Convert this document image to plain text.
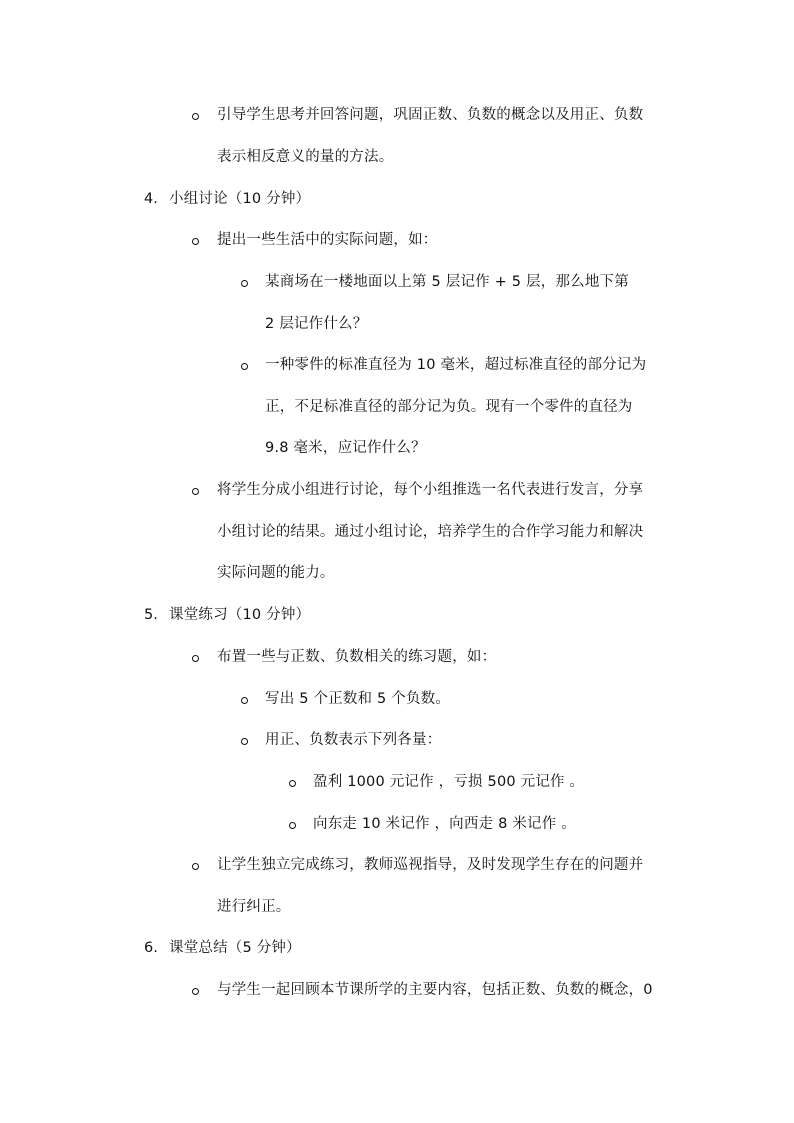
引导学生思考并回答问题，巩固正数、负数的概念以及用正、负数
表示相反意义的量的方法。
4. 小组讨论（10 分钟）
提出一些生活中的实际问题，如：
某商场在一楼地面以上第 5 层记作 + 5 层，那么地下第
2 层记作什么？
一种零件的标准直径为 10 毫米，超过标准直径的部分记为
正，不足标准直径的部分记为负。现有一个零件的直径为
9.8 毫米，应记作什么？
将学生分成小组进行讨论，每个小组推选一名代表进行发言，分享
小组讨论的结果。通过小组讨论，培养学生的合作学习能力和解决
实际问题的能力。
5. 课堂练习（10 分钟）
布置一些与正数、负数相关的练习题，如：
写出 5 个正数和 5 个负数。
用正、负数表示下列各量：
盈利 1000 元记作 ，亏损 500 元记作 。
向东走 10 米记作 ，向西走 8 米记作 。
让学生独立完成练习，教师巡视指导，及时发现学生存在的问题并
进行纠正。
6. 课堂总结（5 分钟）
与学生一起回顾本节课所学的主要内容，包括正数、负数的概念，0
